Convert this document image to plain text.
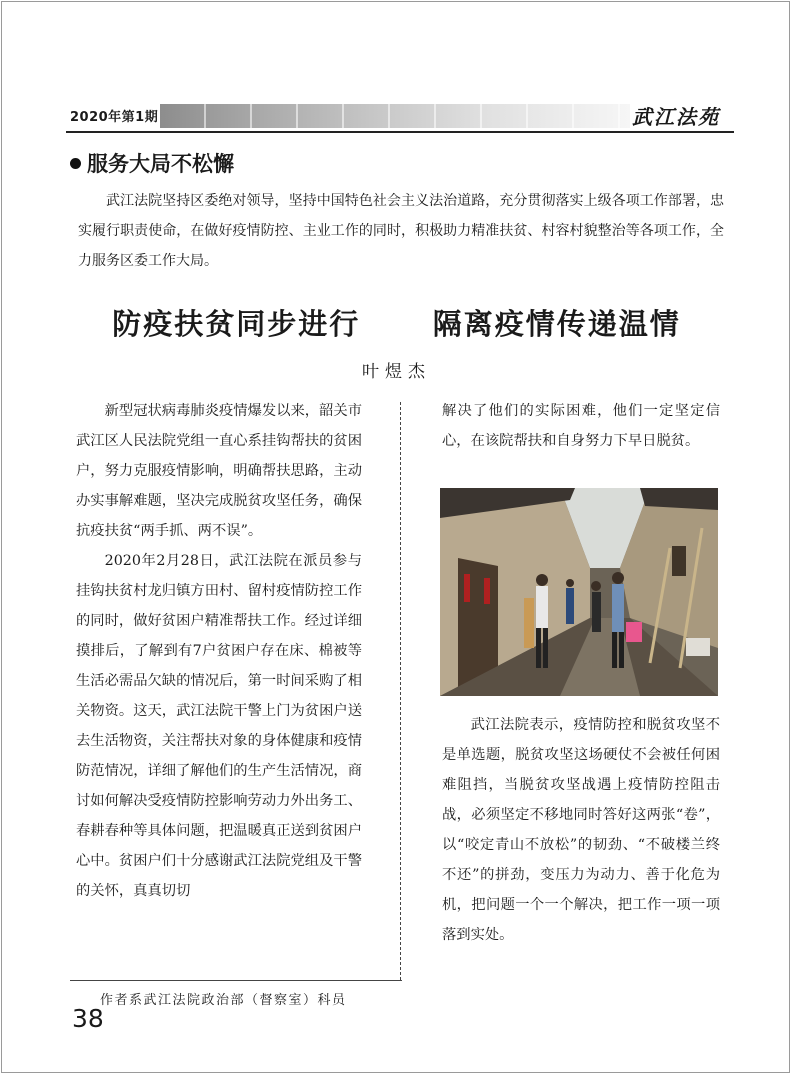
2020年第1期	武江法苑
服务大局不松懈
武江法院坚持区委绝对领导，坚持中国特色社会主义法治道路，充分贯彻落实上级各项工作部署，忠实履行职责使命，在做好疫情防控、主业工作的同时，积极助力精准扶贫、村容村貌整治等各项工作，全力服务区委工作大局。
防疫扶贫同步进行      隔离疫情传递温情
叶煜杰

新型冠状病毒肺炎疫情爆发以来，韶关市武江区人民法院党组一直心系挂钩帮扶的贫困户，努力克服疫情影响，明确帮扶思路，主动办实事解难题，坚决完成脱贫攻坚任务，确保抗疫扶贫“两手抓、两不误”。

2020年2月28日，武江法院在派员参与挂钩扶贫村龙归镇方田村、留村疫情防控工作的同时，做好贫困户精准帮扶工作。经过详细摸排后，了解到有7户贫困户存在床、棉被等生活必需品欠缺的情况后，第一时间采购了相关物资。这天，武江法院干警上门为贫困户送去生活物资，关注帮扶对象的身体健康和疫情防范情况，详细了解他们的生产生活情况，商讨如何解决受疫情防控影响劳动力外出务工、春耕春种等具体问题，把温暖真正送到贫困户心中。贫困户们十分感谢武江法院党组及干警的关怀，真真切切

解决了他们的实际困难，他们一定坚定信心，在该院帮扶和自身努力下早日脱贫。

武江法院表示，疫情防控和脱贫攻坚不是单选题，脱贫攻坚这场硬仗不会被任何困难阻挡，当脱贫攻坚战遇上疫情防控阻击战，必须坚定不移地同时答好这两张“卷”，以“咬定青山不放松”的韧劲、“不破楼兰终不还”的拼劲，变压力为动力、善于化危为机，把问题一个一个解决，把工作一项一项落到实处。

作者系武江法院政治部（督察室）科员
38
